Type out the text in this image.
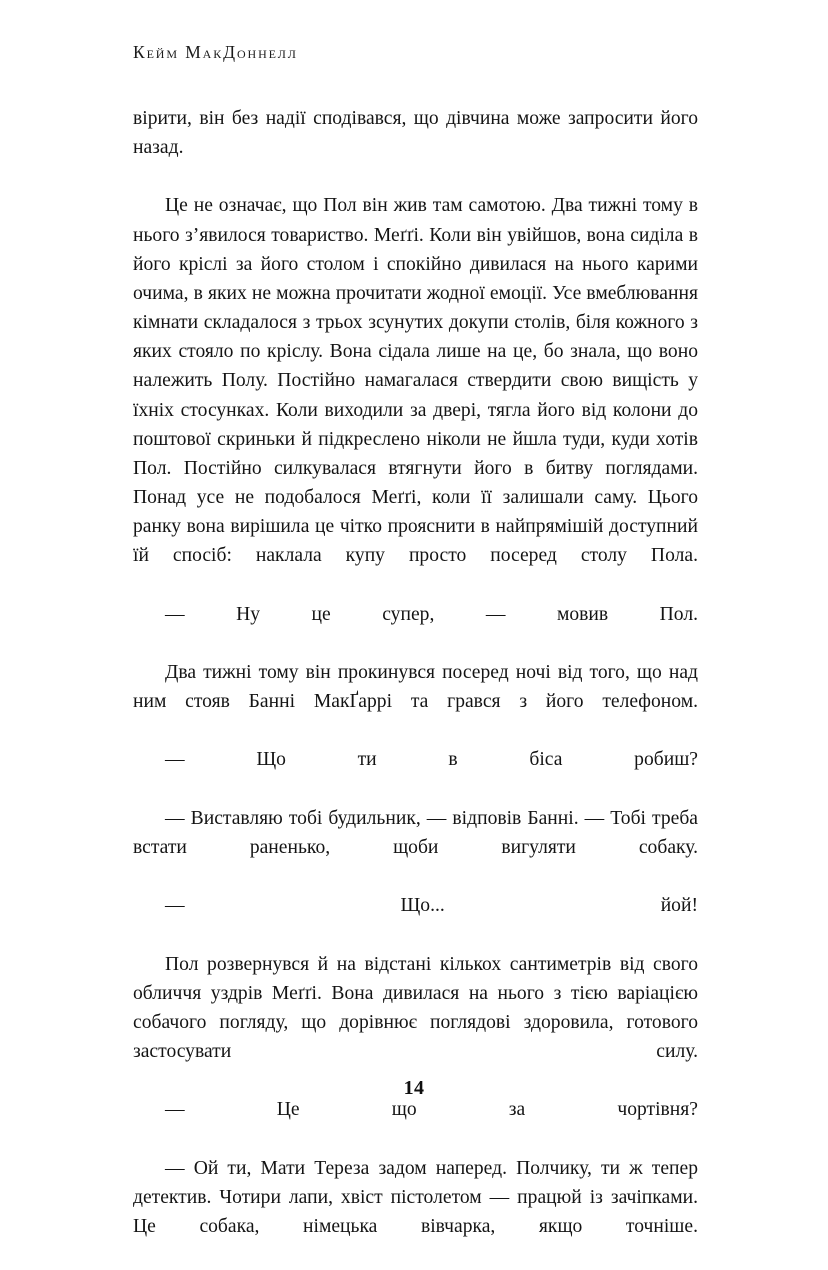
Кейм МакДоннелл

вірити, він без надії сподівався, що дівчина може запросити його назад.

Це не означає, що Пол він жив там самотою. Два тижні тому в нього з’явилося товариство. Меґґі. Коли він увійшов, вона сиділа в його кріслі за його столом і спокійно дивилася на нього карими очима, в яких не можна прочитати жодної емоції. Усе вмеблювання кімнати складалося з трьох зсунутих докупи столів, біля кожного з яких стояло по кріслу. Вона сідала лише на це, бо знала, що воно належить Полу. Постійно намагалася ствердити свою вищість у їхніх стосунках. Коли виходили за двері, тягла його від колони до поштової скриньки й підкреслено ніколи не йшла туди, куди хотів Пол. Постійно силкувалася втягнути його в битву поглядами. Понад усе не подобалося Меґґі, коли її залишали саму. Цього ранку вона вирішила це чітко прояснити в найпрямішій доступний їй спосіб: наклала купу просто посеред столу Пола.

— Ну це супер, — мовив Пол.

Два тижні тому він прокинувся посеред ночі від того, що над ним стояв Банні МакҐаррі та грався з його телефоном.

— Що ти в біса робиш?

— Виставляю тобі будильник, — відповів Банні. — Тобі треба встати раненько, щоби вигуляти собаку.

— Що... йой!

Пол розвернувся й на відстані кількох сантиметрів від свого обличчя уздрів Меґґі. Вона дивилася на нього з тією варіацією собачого погляду, що дорівнює поглядові здоровила, готового застосувати силу.

— Це що за чортівня?

— Ой ти, Мати Тереза задом наперед. Полчику, ти ж тепер детектив. Чотири лапи, хвіст пістолетом — працюй із зачіпками. Це собака, німецька вівчарка, якщо точніше.

14
